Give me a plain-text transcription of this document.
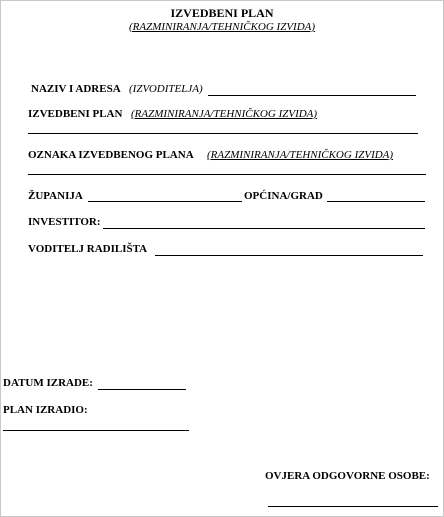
IZVEDBENI PLAN
(RAZMINIRANJA/TEHNIČKOG IZVIDA)
NAZIV I ADRESA (IZVODITELJA)
IZVEDBENI PLAN (RAZMINIRANJA/TEHNIČKOG IZVIDA)
OZNAKA IZVEDBENOG PLANA (RAZMINIRANJA/TEHNIČKOG IZVIDA)
ŽUPANIJA	OPĆINA/GRAD
INVESTITOR:
VODITELJ RADILIŠTA
DATUM IZRADE:
PLAN IZRADIO:
OVJERA ODGOVORNE OSOBE:
